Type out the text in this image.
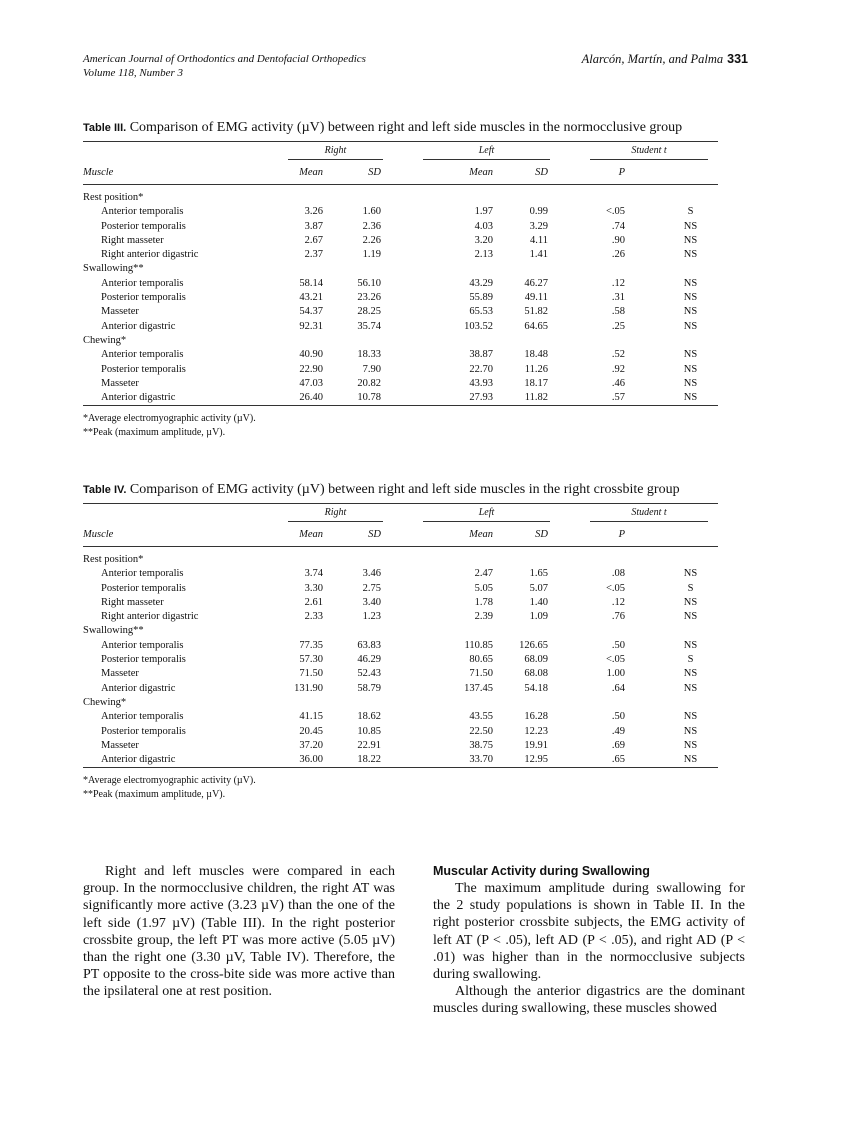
American Journal of Orthodontics and Dentofacial Orthopedics
Volume 118, Number 3
Alarcón, Martín, and Palma 331
Table III. Comparison of EMG activity (µV) between right and left side muscles in the normocclusive group

	Right		Left		Student t	

Muscle	Mean	SD	Mean	SD	P	

Rest position*						
Anterior temporalis	3.26	1.60	1.97	0.99	<.05	S
Posterior temporalis	3.87	2.36	4.03	3.29	.74	NS
Right masseter	2.67	2.26	3.20	4.11	.90	NS
Right anterior digastric	2.37	1.19	2.13	1.41	.26	NS
Swallowing**						
Anterior temporalis	58.14	56.10	43.29	46.27	.12	NS
Posterior temporalis	43.21	23.26	55.89	49.11	.31	NS
Masseter	54.37	28.25	65.53	51.82	.58	NS
Anterior digastric	92.31	35.74	103.52	64.65	.25	NS
Chewing*						
Anterior temporalis	40.90	18.33	38.87	18.48	.52	NS
Posterior temporalis	22.90	7.90	22.70	11.26	.92	NS
Masseter	47.03	20.82	43.93	18.17	.46	NS
Anterior digastric	26.40	10.78	27.93	11.82	.57	NS
*Average electromyographic activity (µV).
**Peak (maximum amplitude, µV).
Table IV. Comparison of EMG activity (µV) between right and left side muscles in the right crossbite group

	Right		Left		Student t	

Muscle	Mean	SD	Mean	SD	P	

Rest position*						
Anterior temporalis	3.74	3.46	2.47	1.65	.08	NS
Posterior temporalis	3.30	2.75	5.05	5.07	<.05	S
Right masseter	2.61	3.40	1.78	1.40	.12	NS
Right anterior digastric	2.33	1.23	2.39	1.09	.76	NS
Swallowing**						
Anterior temporalis	77.35	63.83	110.85	126.65	.50	NS
Posterior temporalis	57.30	46.29	80.65	68.09	<.05	S
Masseter	71.50	52.43	71.50	68.08	1.00	NS
Anterior digastric	131.90	58.79	137.45	54.18	.64	NS
Chewing*						
Anterior temporalis	41.15	18.62	43.55	16.28	.50	NS
Posterior temporalis	20.45	10.85	22.50	12.23	.49	NS
Masseter	37.20	22.91	38.75	19.91	.69	NS
Anterior digastric	36.00	18.22	33.70	12.95	.65	NS
*Average electromyographic activity (µV).
**Peak (maximum amplitude, µV).

Right and left muscles were compared in each group. In the normocclusive children, the right AT was significantly more active (3.23 µV) than the one of the left side (1.97 µV) (Table III). In the right posterior crossbite group, the left PT was more active (5.05 µV) than the right one (3.30 µV, Table IV). Therefore, the PT opposite to the cross-bite side was more active than the ipsilateral one at rest position.

Muscular Activity during Swallowing

The maximum amplitude during swallowing for the 2 study populations is shown in Table II. In the right posterior crossbite subjects, the EMG activity of left AT (P < .05), left AD (P < .05), and right AD (P < .01) was higher than in the normocclusive subjects during swallowing.

Although the anterior digastrics are the dominant muscles during swallowing, these muscles showed
